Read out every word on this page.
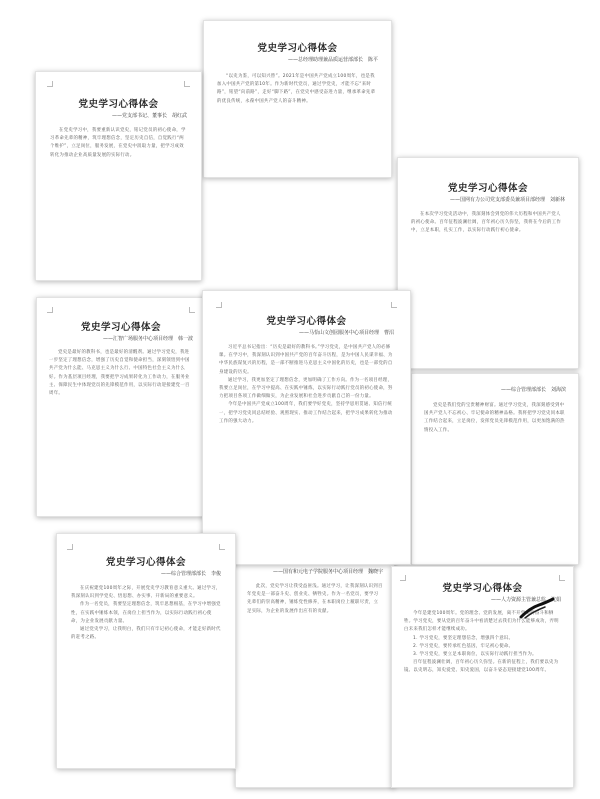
党史学习心得体会
——总经理助理兼品质运营部部长　陈平

“以史为鉴，可以知兴替”。2021年是中国共产党成立100周年，也是我加入中国共产党的第10年。作为新时代党员，通过学党史，才能不忘“来时路”，铭望“向前路”，走好“脚下路”，在党史中感受奋进力量，继承革命先辈的优良传统，永葆中国共产党人的奋斗精神。

党史学习心得体会
——党支部书记、董事长　胡红武

在党史学习中，我要重新认识党史，铭记党员的初心使命，学习革命先辈的精神，筑牢理想信念，坚定历史自信，自觉践行“两个维护”，立足岗位，服务发展，在党史中汲取力量，把学习成效转化为推动企业高质量发展的实际行动。

党史学习心得体会
——国网有力公司党支部委员兼项目部经理　刘新林

在本次学习党史活动中，我深刻体会到党的伟大历程和中国共产党人的初心使命。百年征程波澜壮阔，百年初心历久弥坚，我将在今后的工作中，立足本职，扎实工作，以实际行动践行初心使命。

党史学习心得体会
——汇智广场服务中心项目经理　韩一波

党史是最好的教科书，也是最好的清醒剂。通过学习党史，我进一步坚定了理想信念，增强了历史自觉和使命担当，深刻领悟到中国共产党为什么能、马克思主义为什么行、中国特色社会主义为什么好。作为基层项目经理，我要把学习成果转化为工作动力，在服务业主、保障民生中体现党员的先锋模范作用，以实际行动迎接建党一百周年。

——综合管理部部长　刘海滨

党史是我们党的宝贵精神财富。通过学习党史，我深刻感受到中国共产党人不忘初心、牢记使命的精神品格。我将把学习党史同本职工作结合起来，立足岗位，发挥党员先锋模范作用，以更加饱满的热情投入工作。

——国有和元电子学院服务中心项目经理　魏晓宇

此次，党史学习让我受益匪浅。通过学习，让我深刻认识到百年党史是一部奋斗史、创业史、牺牲史。作为一名党员，要学习先辈们的崇高精神，锤炼党性修养，在本职岗位上履职尽责，立足实际，为企业的发展作出应有的贡献。

党史学习心得体会
——马恰山文创园服务中心项目经理　曹沼

习近平总书记指出：“历史是最好的教科书。”学习党史，是中国共产党人的必修课。在学习中，我深刻认识到中国共产党的百年奋斗历程，是为中国人民谋幸福、为中华民族谋复兴的历程，是一部不断推进马克思主义中国化的历史，也是一部党的自身建设的历史。

通过学习，我更加坚定了理想信念，更加明确了工作方向。作为一名项目经理，我要立足岗位，在学习中提高、在实践中锤炼，以实际行动践行党员的初心使命，努力把项目各项工作做细做实，为企业发展和社会进步贡献自己的一份力量。

今年是中国共产党成立100周年，我们要学好党史，坚持学思用贯通、知信行统一，把学习党史同总结经验、观照现实、推动工作结合起来，把学习成果转化为推动工作的强大动力。

党史学习心得体会
——综合管理部部长　李俊

在庆祝建党100周年之际，开展党史学习教育意义重大。通过学习，我深刻认识到学党史、悟思想、办实事、开新局的重要意义。

作为一名党员，我要坚定理想信念，筑牢思想根基，在学习中增强党性，在实践中锤炼本领，在岗位上担当作为，以实际行动践行初心使命，为企业发展贡献力量。

通过党史学习，让我明白，我们只有牢记初心使命，才能走好新时代的赶考之路。

党史学习心得体会
——人力资源主管兼总监　沈娟

今年是建党100周年。党的理念、党的发展，离不开党员的奋斗和牺牲。学习党史，要从党的百年奋斗中看清楚过去我们为什么能够成功，弄明白未来我们怎样才能继续成功。

1. 学习党史，要坚定理想信念，增强四个意识。

2. 学习党史，要传承红色基因，牢记初心使命。

3. 学习党史，要立足本职岗位，以实际行动践行担当作为。

百年征程波澜壮阔，百年初心历久弥坚。在新的征程上，我们要以史为镜、以史明志，知史爱党、知史爱国，以奋斗姿态迎接建党100周年。
